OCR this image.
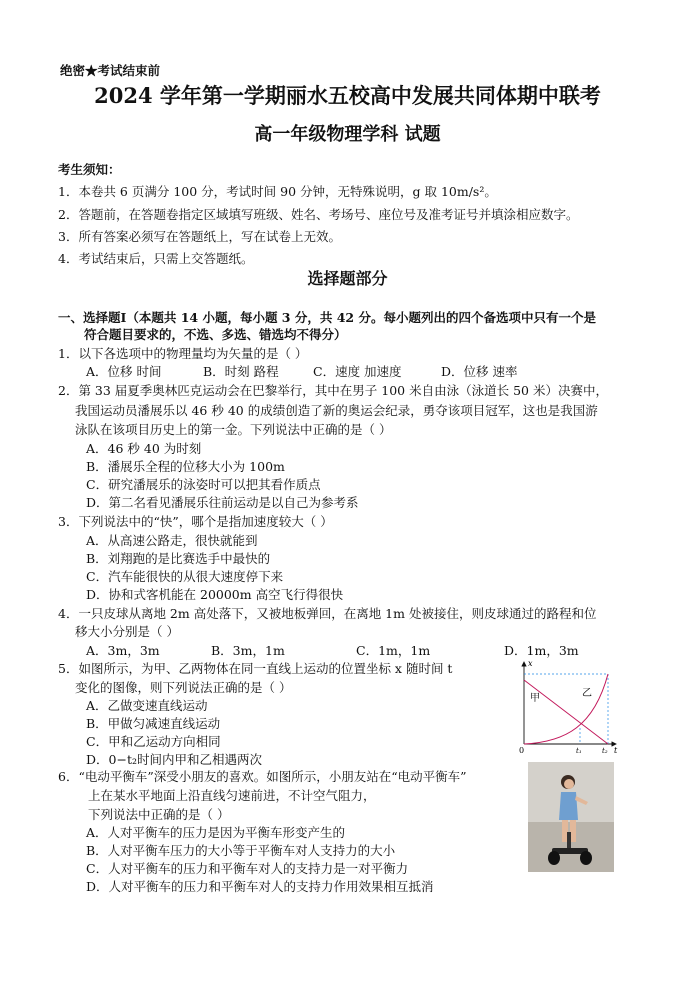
绝密★考试结束前
2024 学年第一学期丽水五校高中发展共同体期中联考
高一年级物理学科 试题
考生须知：
1．本卷共 6 页满分 100 分，考试时间 90 分钟，无特殊说明，g 取 10m/s²。
2．答题前，在答题卷指定区域填写班级、姓名、考场号、座位号及准考证号并填涂相应数字。
3．所有答案必须写在答题纸上，写在试卷上无效。
4．考试结束后，只需上交答题纸。
选择题部分
一、选择题Ⅰ（本题共 14 小题，每小题 3 分，共 42 分。每小题列出的四个备选项中只有一个是
符合题目要求的，不选、多选、错选均不得分）
1．以下各选项中的物理量均为矢量的是（ ）
A．位移 时间	B．时刻 路程	C．速度 加速度	D．位移 速率
2．第 33 届夏季奥林匹克运动会在巴黎举行，其中在男子 100 米自由泳（泳道长 50 米）决赛中，
我国运动员潘展乐以 46 秒 40 的成绩创造了新的奥运会纪录，勇夺该项目冠军，这也是我国游
泳队在该项目历史上的第一金。下列说法中正确的是（ ）
A．46 秒 40 为时刻
B．潘展乐全程的位移大小为 100m
C．研究潘展乐的泳姿时可以把其看作质点
D．第二名看见潘展乐往前运动是以自己为参考系
3．下列说法中的“快”，哪个是指加速度较大（ ）
A．从高速公路走，很快就能到
B．刘翔跑的是比赛选手中最快的
C．汽车能很快的从很大速度停下来
D．协和式客机能在 20000m 高空飞行得很快
4．一只皮球从离地 2m 高处落下，又被地板弹回，在离地 1m 处被接住，则皮球通过的路程和位
移大小分别是（ ）
A．3m，3m	B．3m，1m	C．1m，1m	D．1m，3m
5．如图所示，为甲、乙两物体在同一直线上运动的位置坐标 x 随时间 t
变化的图像，则下列说法正确的是（ ）
A．乙做变速直线运动
B．甲做匀减速直线运动
C．甲和乙运动方向相同
D．0−t₂时间内甲和乙相遇两次
x
t
0	t₁	t₂
甲	乙
6．“电动平衡车”深受小朋友的喜欢。如图所示，小朋友站在“电动平衡车”
上在某水平地面上沿直线匀速前进，不计空气阻力，
下列说法中正确的是（ ）
A．人对平衡车的压力是因为平衡车形变产生的
B．人对平衡车压力的大小等于平衡车对人支持力的大小
C．人对平衡车的压力和平衡车对人的支持力是一对平衡力
D．人对平衡车的压力和平衡车对人的支持力作用效果相互抵消
